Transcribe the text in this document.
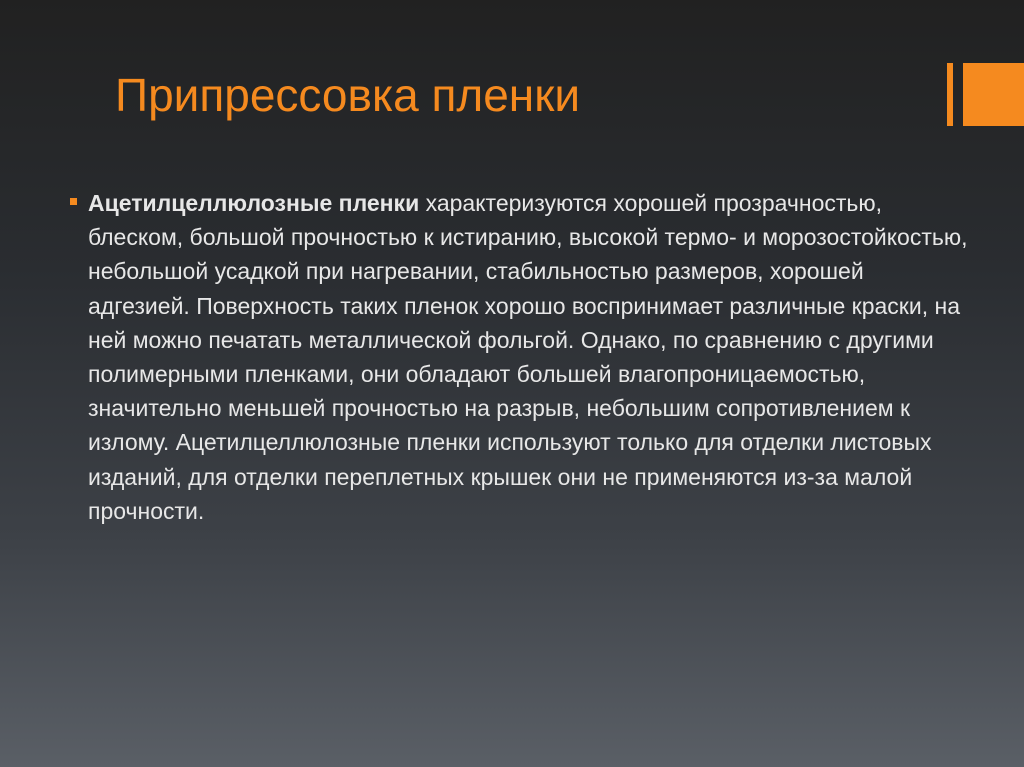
Припрессовка пленки
Ацетилцеллюлозные пленки характеризуются хорошей прозрачностью, блеском, большой прочностью к истиранию, высокой термо- и морозостойкостью, небольшой усадкой при нагревании, стабильностью размеров, хорошей адгезией. Поверхность таких пленок хорошо воспринимает различные краски, на ней можно печатать металлической фольгой. Однако, по сравнению с другими полимерными пленками, они обладают большей влагопроницаемостью, значительно меньшей прочностью на разрыв, небольшим сопротивлением к излому. Ацетилцеллюлозные пленки используют только для отделки листовых изданий, для отделки переплетных крышек они не применяются из-за малой прочности.
